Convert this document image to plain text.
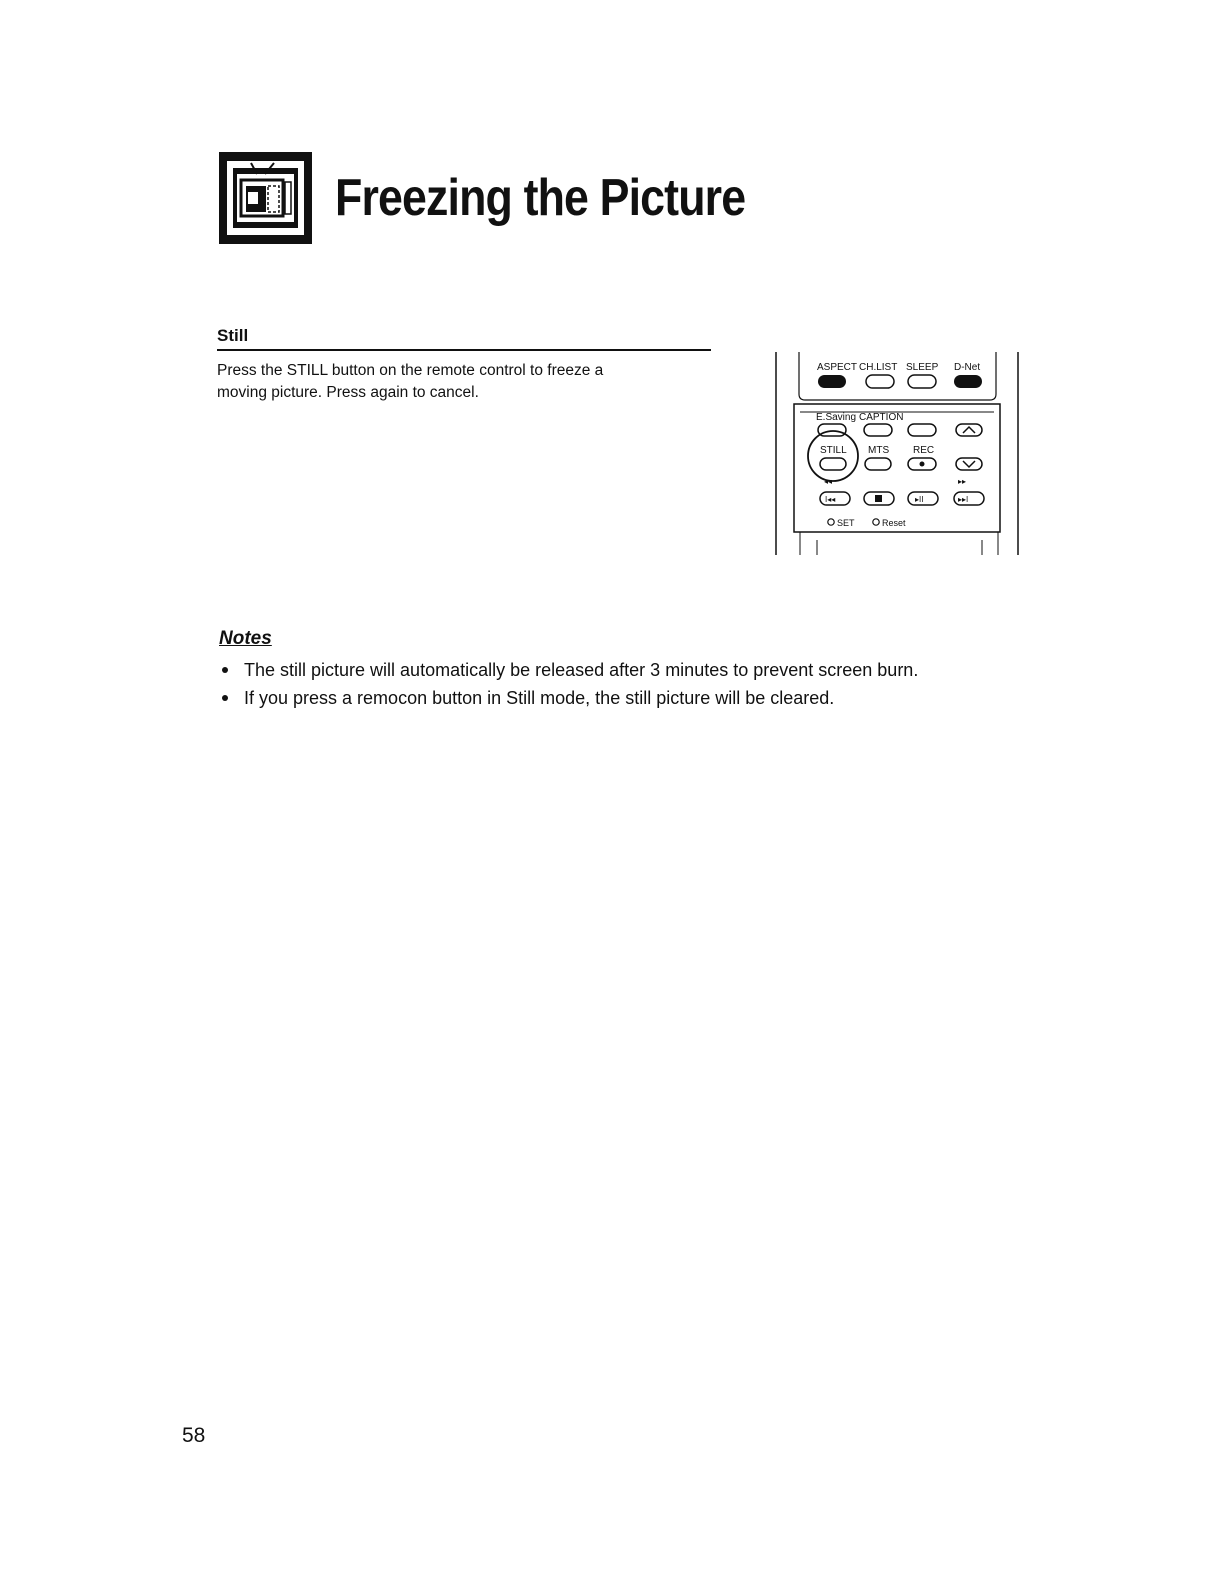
Freezing the Picture
Still

Press the STILL button on the remote control to freeze a
moving picture. Press again to cancel.

ASPECT CH.LIST SLEEP D-Net
E.Saving CAPTION
STILL MTS REC
◂◂	▸▸
I◂◂	▸II	▸▸I
SET	Reset
Notes
The still picture will automatically be released after 3 minutes to prevent screen burn.
If you press a remocon button in Still mode, the still picture will be cleared.

58
